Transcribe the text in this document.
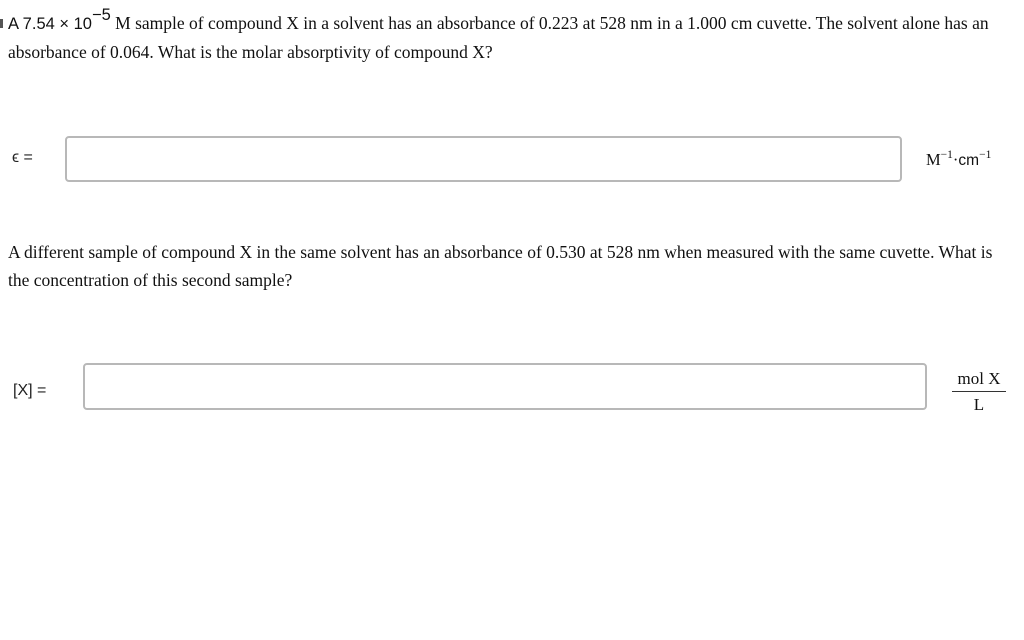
A $7.54 \times 10^{-5}$ M sample of compound X in a solvent has an absorbance of 0.223 at 528 nm in a 1.000 cm cuvette. The solvent alone has an absorbance of 0.064. What is the molar absorptivity of compound X?
ϵ =	$M^{-1}\cdot cm^{-1}$
A different sample of compound X in the same solvent has an absorbance of 0.530 at 528 nm when measured with the same cuvette. What is the concentration of this second sample?
[X] =
mol X
L
